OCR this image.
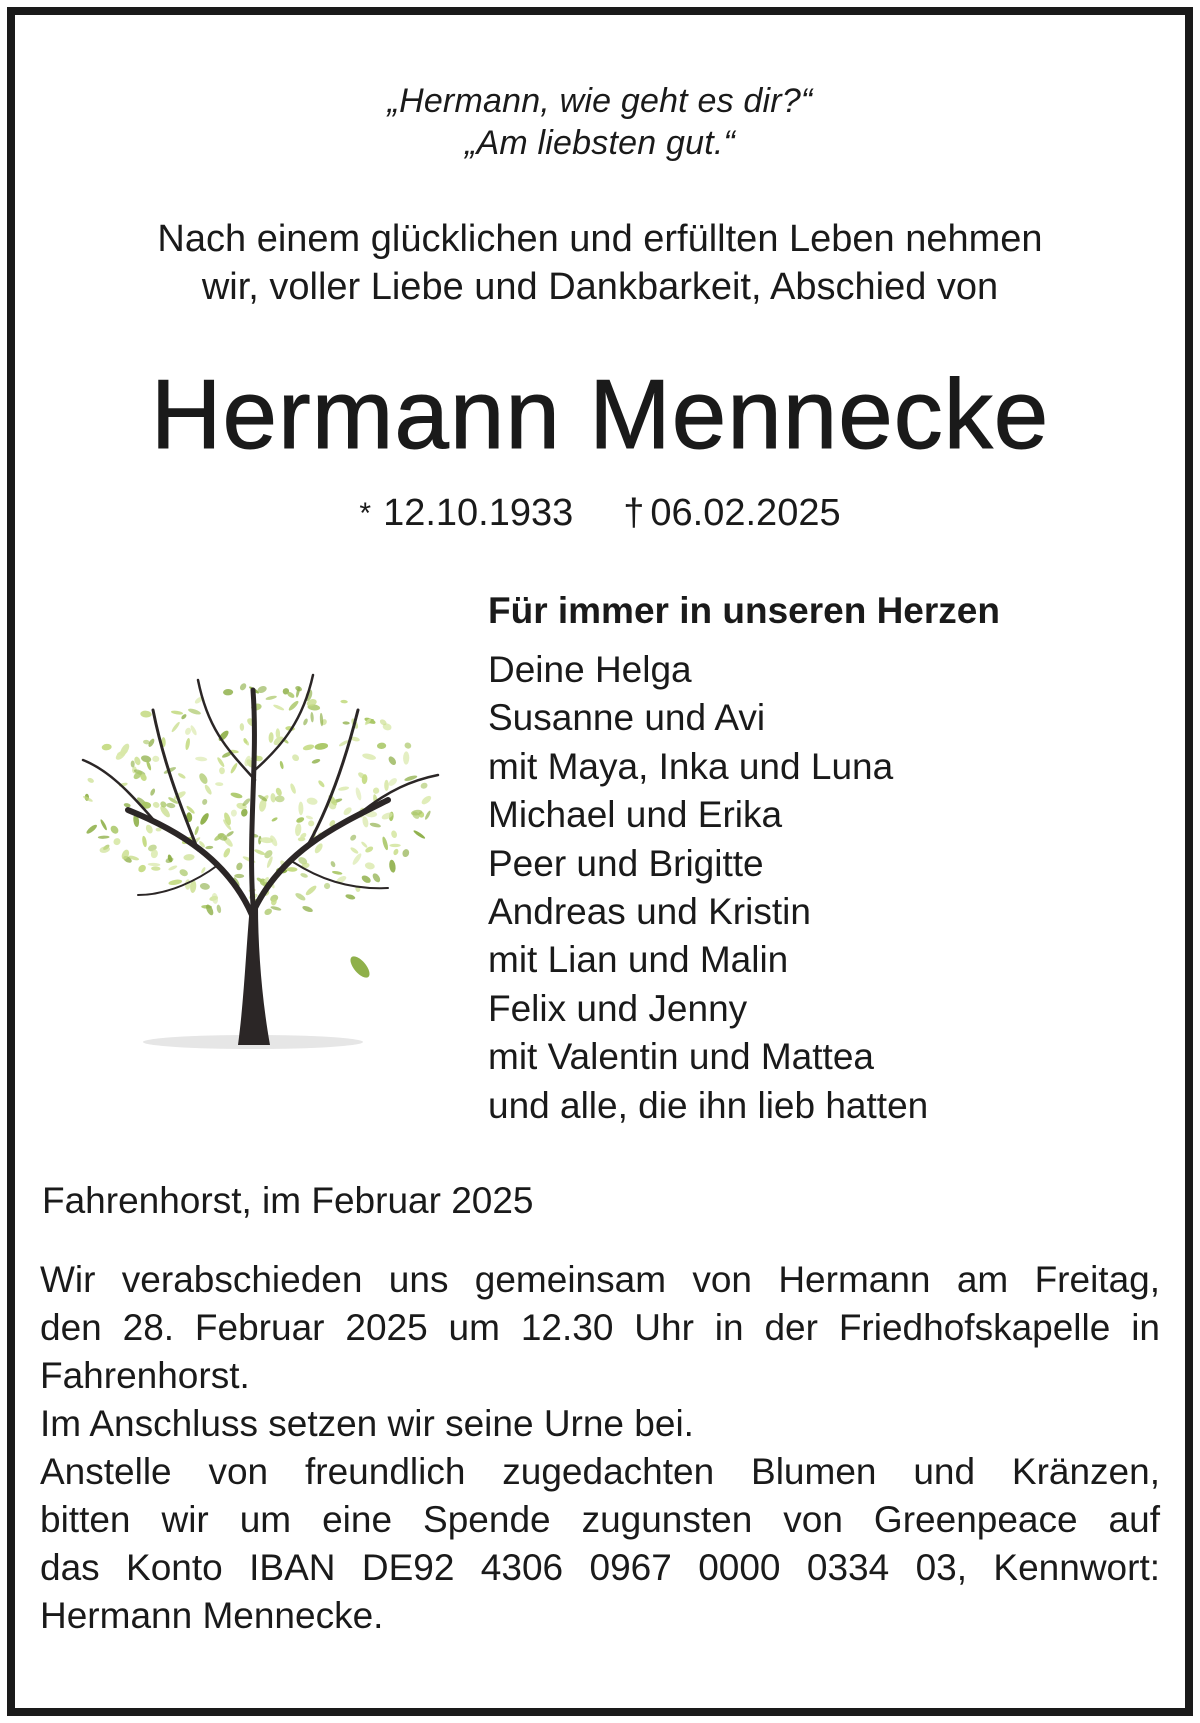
„Hermann, wie geht es dir?“
„Am liebsten gut.“
Nach einem glücklichen und erfüllten Leben nehmen
wir, voller Liebe und Dankbarkeit, Abschied von
Hermann Mennecke
* 12.10.1933 † 06.02.2025
Für immer in unseren Herzen
Deine Helga
Susanne und Avi
mit Maya, Inka und Luna
Michael und Erika
Peer und Brigitte
Andreas und Kristin
mit Lian und Malin
Felix und Jenny
mit Valentin und Mattea
und alle, die ihn lieb hatten
Fahrenhorst, im Februar 2025
Wir verabschieden uns gemeinsam von Hermann am Freitag,
den 28. Februar 2025 um 12.30 Uhr in der Friedhofskapelle in
Fahrenhorst.
Im Anschluss setzen wir seine Urne bei.
Anstelle von freundlich zugedachten Blumen und Kränzen,
bitten wir um eine Spende zugunsten von Greenpeace auf
das Konto IBAN DE92 4306 0967 0000 0334 03, Kennwort:
Hermann Mennecke.
